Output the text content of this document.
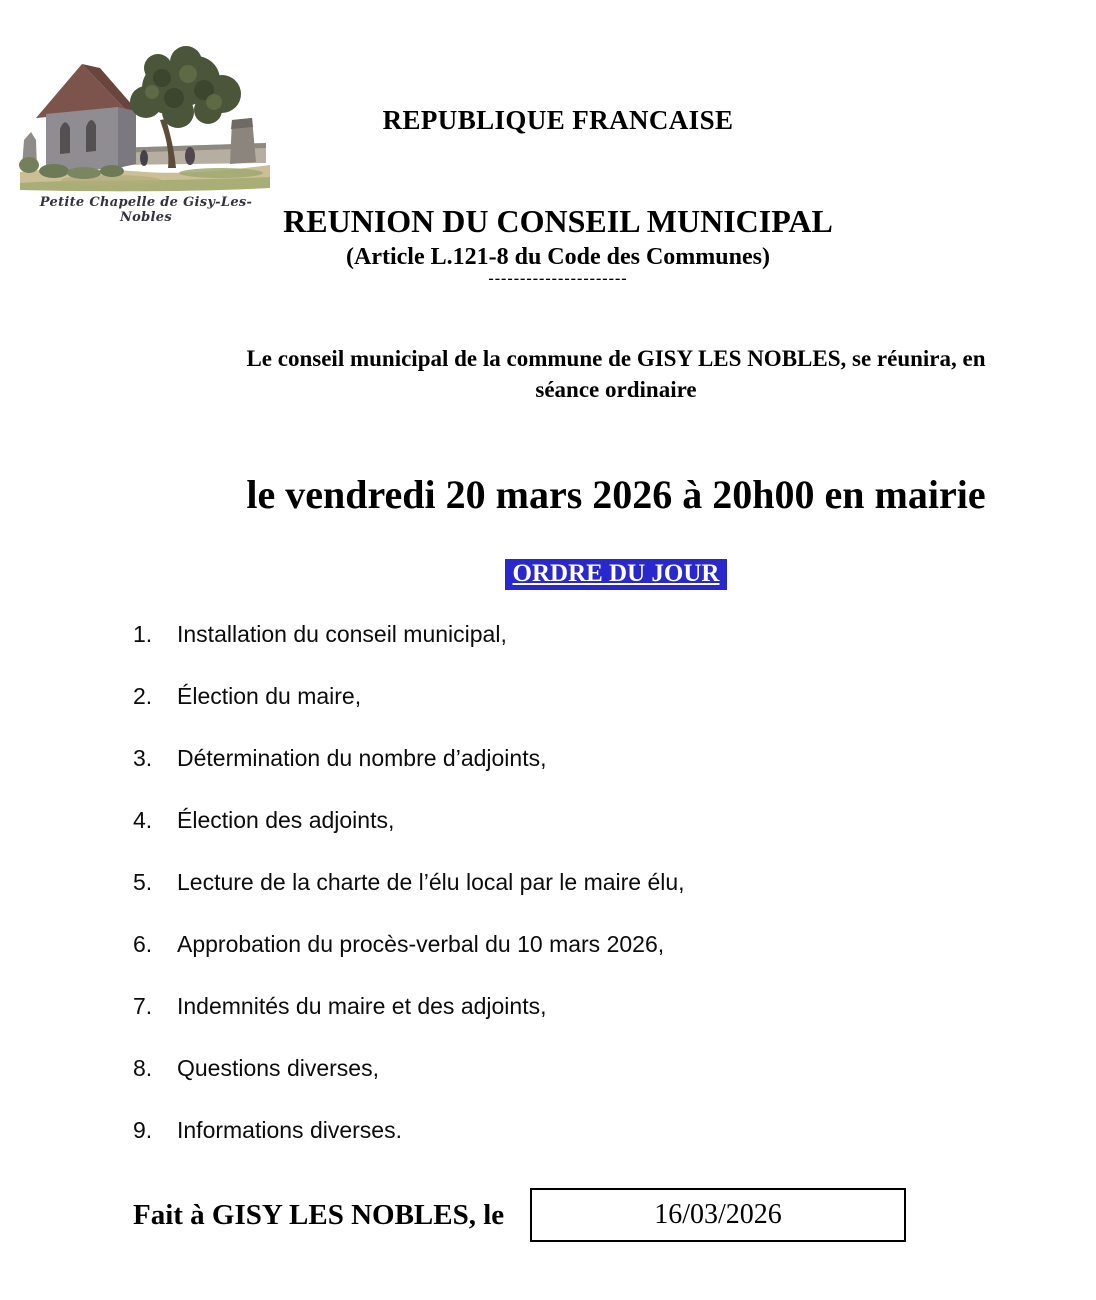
Petite Chapelle de Gisy-Les-Nobles
REPUBLIQUE FRANCAISE
REUNION DU CONSEIL MUNICIPAL
(Article L.121-8 du Code des Communes)
----------------------
Le conseil municipal de la commune de GISY LES NOBLES, se réunira, en
séance ordinaire
le vendredi 20 mars 2026 à 20h00 en mairie
ORDRE DU JOUR
1.	Installation du conseil municipal,
2.	Élection du maire,
3.	Détermination du nombre d’adjoints,
4.	Élection des adjoints,
5.	Lecture de la charte de l’élu local par le maire élu,
6.	Approbation du procès-verbal du 10 mars 2026,
7.	Indemnités du maire et des adjoints,
8.	Questions diverses,
9.	Informations diverses.
Fait à GISY LES NOBLES, le	16/03/2026
